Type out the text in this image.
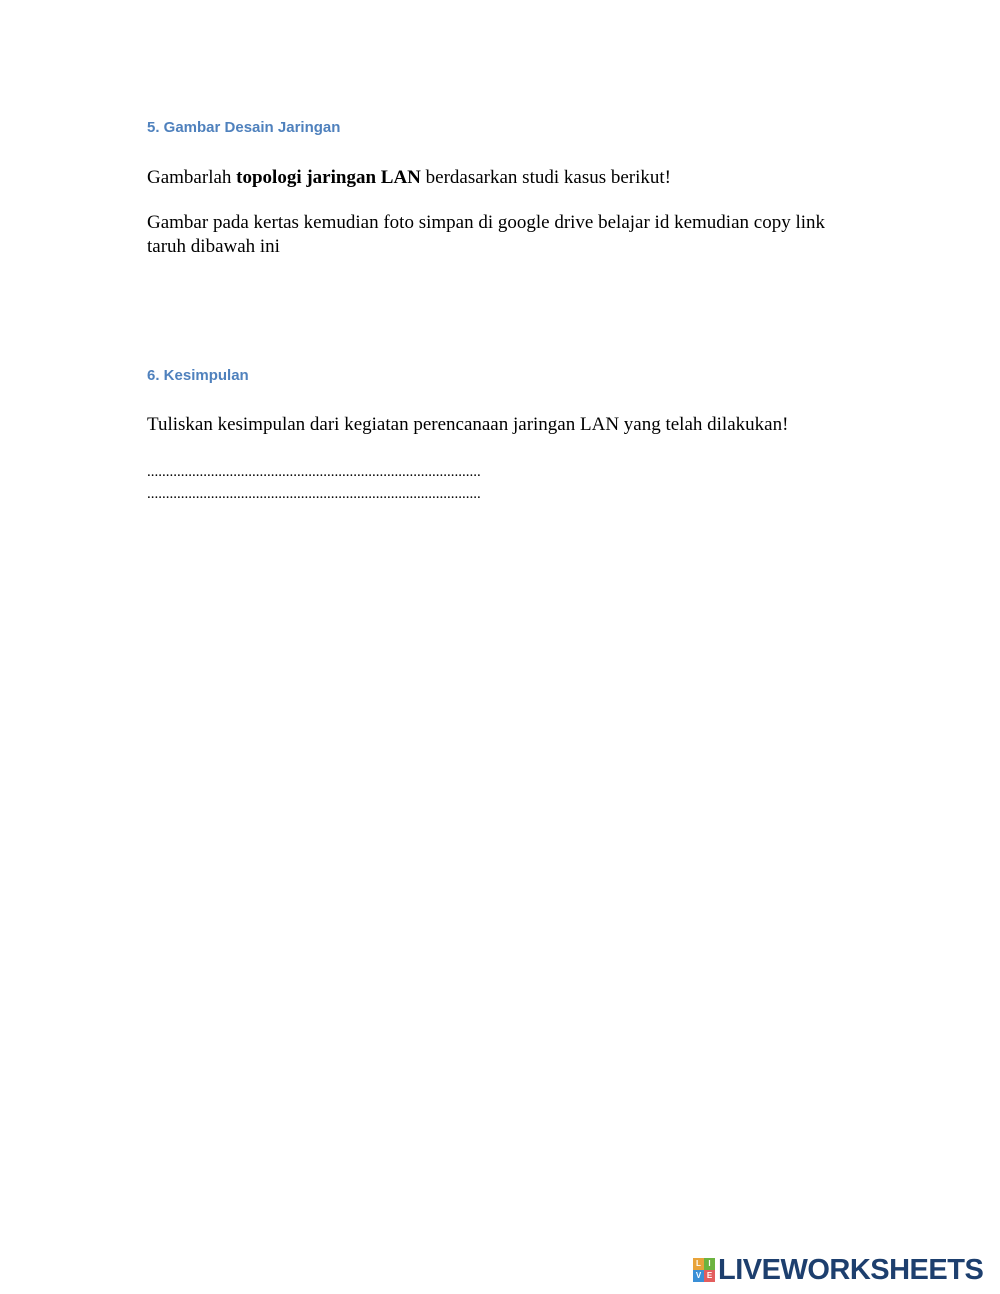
5. Gambar Desain Jaringan

Gambarlah topologi jaringan LAN berdasarkan studi kasus berikut!

Gambar pada kertas kemudian foto simpan di google drive belajar id kemudian copy link
taruh dibawah ini

6. Kesimpulan

Tuliskan kesimpulan dari kegiatan perencanaan jaringan LAN yang telah dilakukan!

.........................................................................................

.........................................................................................

L I
V E LIVEWORKSHEETS
